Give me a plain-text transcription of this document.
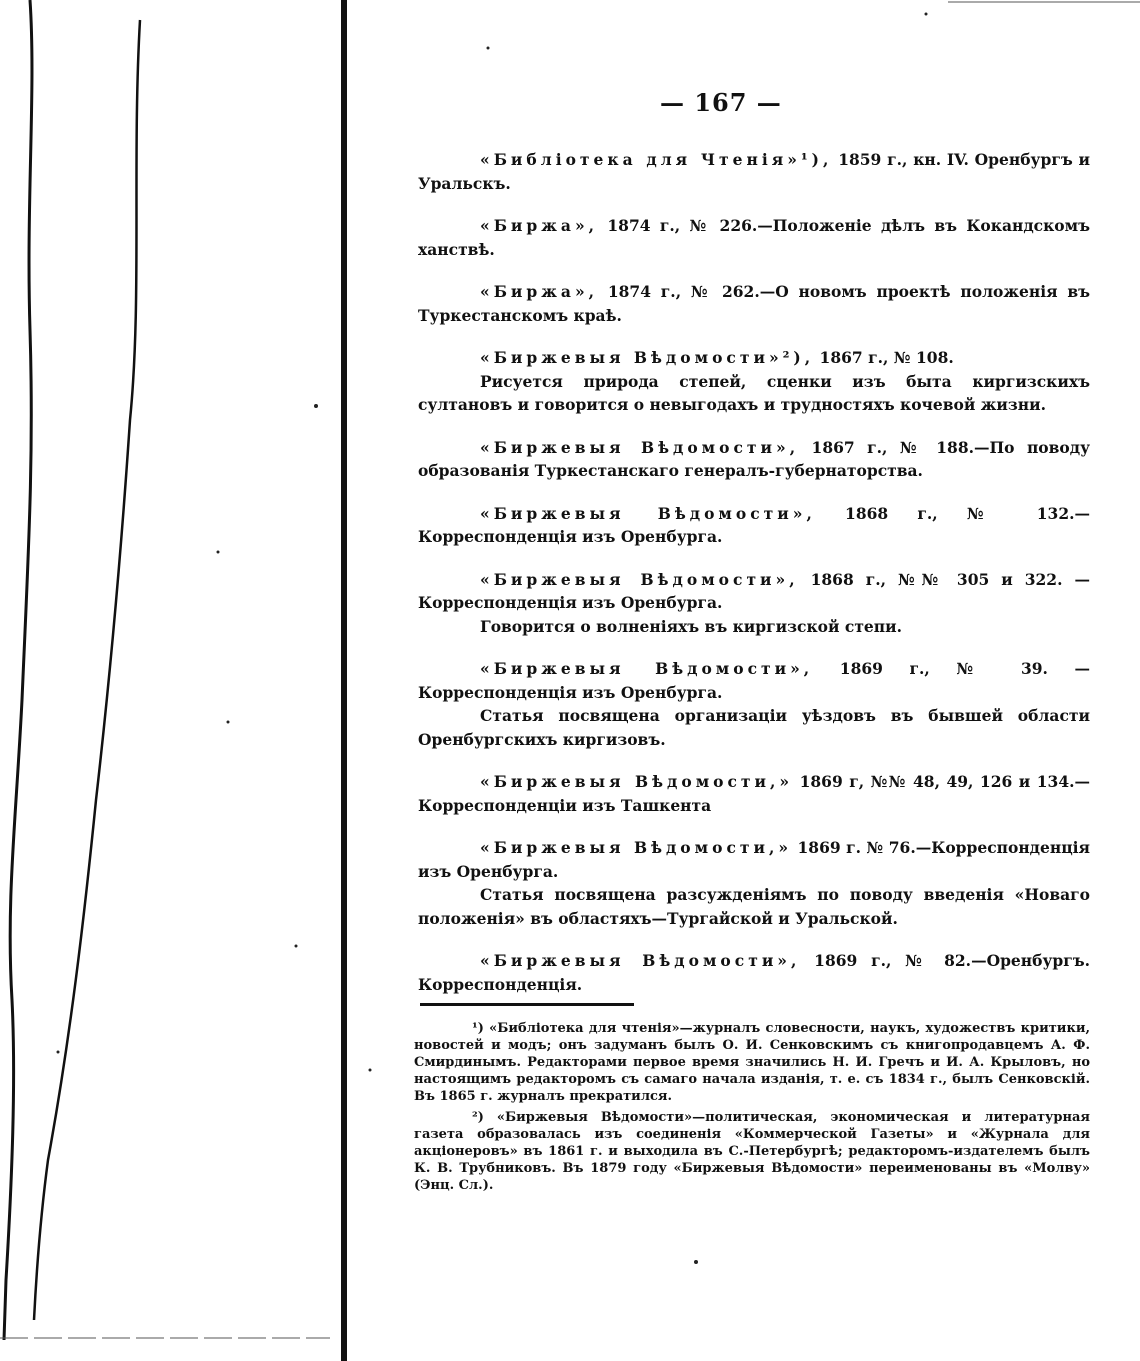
— 167 —

«Библіотека для Чтенія»¹), 1859 г., кн. IV. Оренбургъ и Уральскъ.

«Биржа», 1874 г., № 226.—Положеніе дѣлъ въ Кокандскомъ ханствѣ.

«Биржа», 1874 г., № 262.—О новомъ проектѣ положенія въ Туркестанскомъ краѣ.

«Биржевыя Вѣдомости»²), 1867 г., № 108.

Рисуется природа степей, сценки изъ быта киргизскихъ султановъ и говорится о невыгодахъ и трудностяхъ кочевой жизни.

«Биржевыя Вѣдомости», 1867 г., № 188.—По поводу образованія Туркестанскаго генералъ-губернаторства.

«Биржевыя Вѣдомости», 1868 г., № 132.—Корреспонденція изъ Оренбурга.

«Биржевыя Вѣдомости», 1868 г., №№ 305 и 322. — Корреспонденція изъ Оренбурга.

Говорится о волненіяхъ въ киргизской степи.

«Биржевыя Вѣдомости», 1869 г., № 39. — Корреспонденція изъ Оренбурга.

Статья посвящена организаціи уѣздовъ въ бывшей области Оренбургскихъ киргизовъ.

«Биржевыя Вѣдомости,» 1869 г, №№ 48, 49, 126 и 134.—Корреспонденціи изъ Ташкента

«Биржевыя Вѣдомости,» 1869 г. № 76.—Корреспонденція изъ Оренбурга.

Статья посвящена разсужденіямъ по поводу введенія «Новаго положенія» въ областяхъ—Тургайской и Уральской.

«Биржевыя Вѣдомости», 1869 г., № 82.—Оренбургъ. Корреспонденція.

¹) «Библіотека для чтенія»—журналъ словесности, наукъ, художествъ критики, новостей и модъ; онъ задуманъ былъ О. И. Сенковскимъ съ книгопродавцемъ А. Ф. Смирдинымъ. Редакторами первое время значились Н. И. Гречъ и И. А. Крыловъ, но настоящимъ редакторомъ съ самаго начала изданія, т. е. съ 1834 г., былъ Сенковскій. Въ 1865 г. журналъ прекратился.

²) «Биржевыя Вѣдомости»—политическая, экономическая и литературная газета образовалась изъ соединенія «Коммерческой Газеты» и «Журнала для акціонеровъ» въ 1861 г. и выходила въ С.-Петербургѣ; редакторомъ-издателемъ былъ К. В. Трубниковъ. Въ 1879 году «Биржевыя Вѣдомости» переименованы въ «Молву» (Энц. Сл.).
